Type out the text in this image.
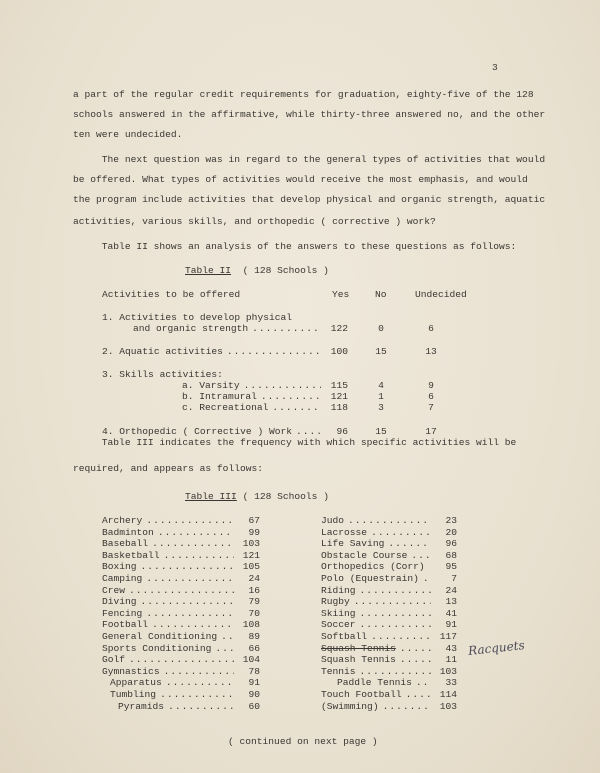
3
a part of the regular credit requirements for graduation, eighty-five of the 128
schools answered in the affirmative, while thirty-three answered no, and the other
ten were undecided.
The next question was in regard to the general types of activities that would
be offered. What types of activities would receive the most emphasis, and would
the program include activities that develop physical and organic strength, aquatic
activities, various skills, and orthopedic ( corrective ) work?
Table II shows an analysis of the answers to these questions as follows:
Table II ( 128 Schools )
Activities to be offered	Yes	No	Undecided
1. Activities to develop physical
and organic strength .....	122	0	6
2. Aquatic activities .....	100	15	13
3. Skills activities:
a. Varsity .....	115	4	9
b. Intramural .....	121	1	6
c. Recreational .....	118	3	7
4. Orthopedic ( Corrective ) Work .....	96	15	17
Table III indicates the frequency with which specific activities will be
required, and appears as follows:
Table III ( 128 Schools )
Archery .....	67
Badminton .....	99
Baseball .....	103
Basketball .....	121
Boxing .....	105
Camping .....	24
Crew .....	16
Diving .....	79
Fencing .....	70
Football .....	108
General Conditioning .....	89
Sports Conditioning .....	66
Golf .....	104
Gymnastics .....	78
Apparatus .....	91
Tumbling .....	90
Pyramids .....	60
Judo .....	23
Lacrosse .....	20
Life Saving .....	96
Obstacle Course .....	68
Orthopedics (Corr) .....	95
Polo (Equestrain) .....	7
Riding .....	24
Rugby .....	13
Skiing .....	41
Soccer .....	91
Softball .....	117
Squash Tennis .....	43
Squash Tennis .....	11
Tennis .....	103
Paddle Tennis .....	33
Touch Football .....	114
(Swimming) .....	103
Racquets
( continued on next page )
